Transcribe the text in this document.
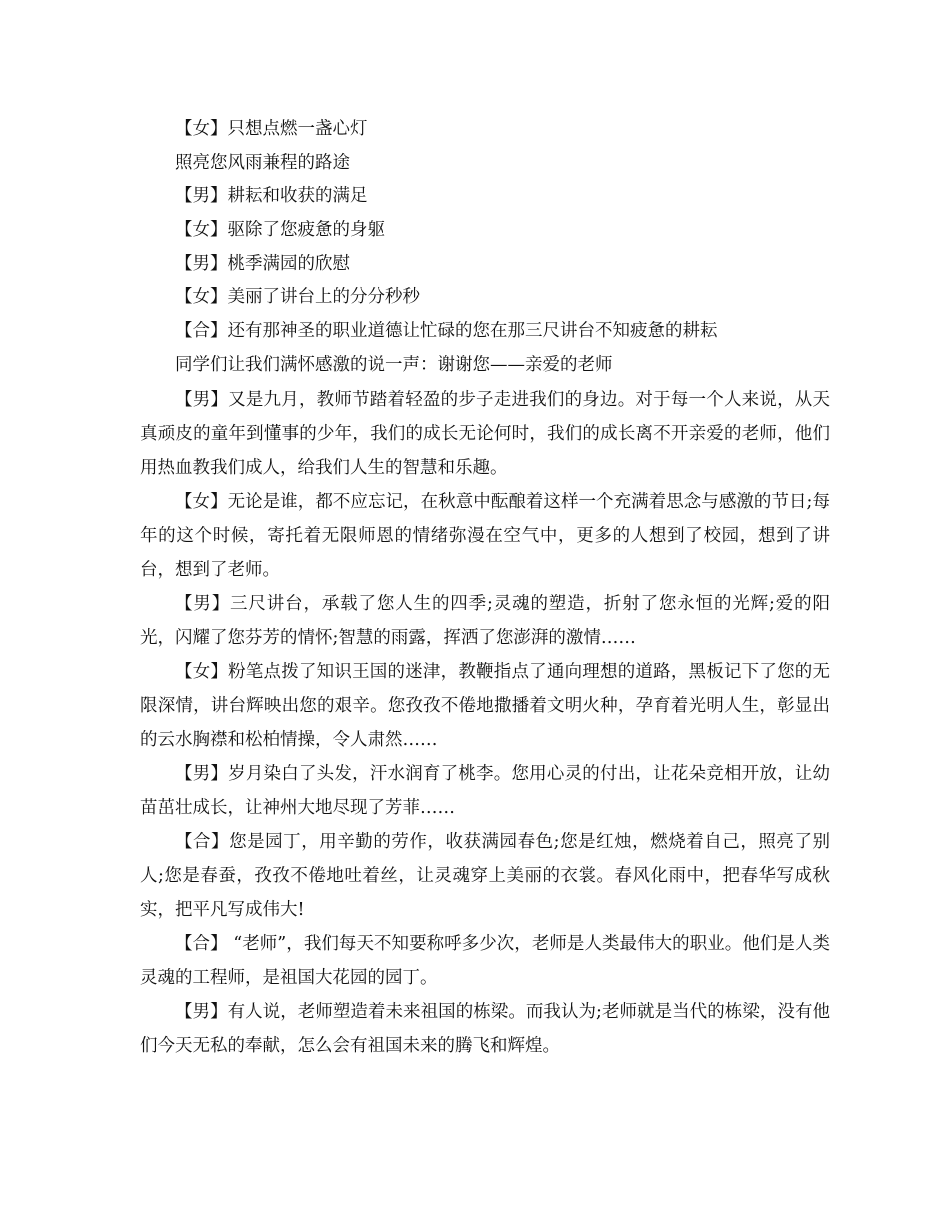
【女】只想点燃一盏心灯
照亮您风雨兼程的路途
【男】耕耘和收获的满足
【女】驱除了您疲惫的身躯
【男】桃季满园的欣慰
【女】美丽了讲台上的分分秒秒
【合】还有那神圣的职业道德让忙碌的您在那三尺讲台不知疲惫的耕耘
同学们让我们满怀感激的说一声：谢谢您——亲爱的老师

【男】又是九月，教师节踏着轻盈的步子走进我们的身边。对于每一个人来说，从天真顽皮的童年到懂事的少年，我们的成长无论何时，我们的成长离不开亲爱的老师，他们用热血教我们成人，给我们人生的智慧和乐趣。

【女】无论是谁，都不应忘记，在秋意中酝酿着这样一个充满着思念与感激的节日;每年的这个时候，寄托着无限师恩的情绪弥漫在空气中，更多的人想到了校园，想到了讲台，想到了老师。

【男】三尺讲台，承载了您人生的四季;灵魂的塑造，折射了您永恒的光辉;爱的阳光，闪耀了您芬芳的情怀;智慧的雨露，挥洒了您澎湃的激情……

【女】粉笔点拨了知识王国的迷津，教鞭指点了通向理想的道路，黑板记下了您的无限深情，讲台辉映出您的艰辛。您孜孜不倦地撒播着文明火种，孕育着光明人生，彰显出的云水胸襟和松柏情操，令人肃然……

【男】岁月染白了头发，汗水润育了桃李。您用心灵的付出，让花朵竞相开放，让幼苗茁壮成长，让神州大地尽现了芳菲……

【合】您是园丁，用辛勤的劳作，收获满园春色;您是红烛，燃烧着自己，照亮了别人;您是春蚕，孜孜不倦地吐着丝，让灵魂穿上美丽的衣裳。春风化雨中，把春华写成秋实，把平凡写成伟大!

【合】 “老师”，我们每天不知要称呼多少次，老师是人类最伟大的职业。他们是人类灵魂的工程师，是祖国大花园的园丁。

【男】有人说，老师塑造着未来祖国的栋梁。而我认为;老师就是当代的栋梁，没有他们今天无私的奉献，怎么会有祖国未来的腾飞和辉煌。
